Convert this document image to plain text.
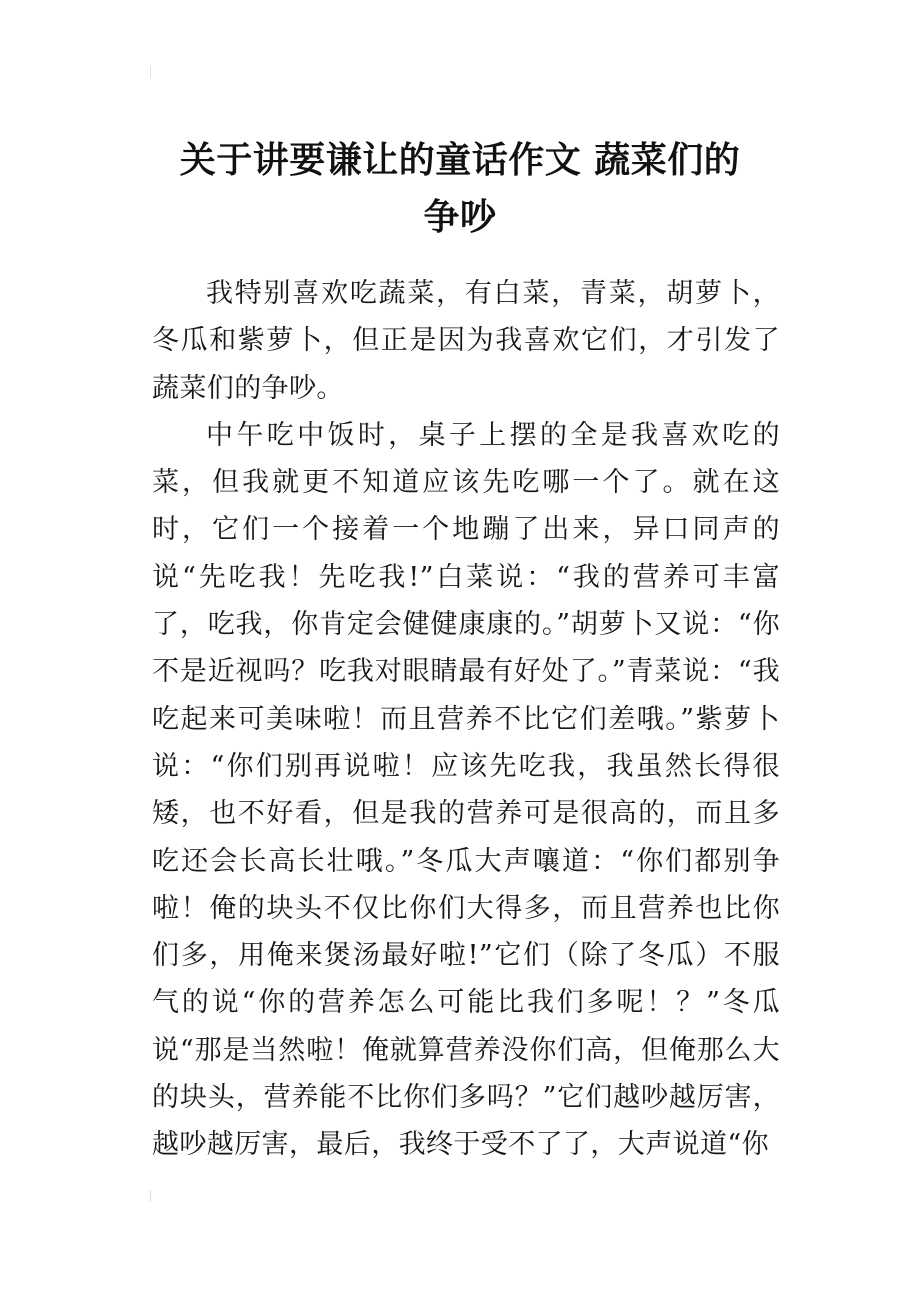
关于讲要谦让的童话作文 蔬菜们的
争吵

我特别喜欢吃蔬菜，有白菜，青菜，胡萝卜，冬瓜和紫萝卜，但正是因为我喜欢它们，才引发了蔬菜们的争吵。

中午吃中饭时，桌子上摆的全是我喜欢吃的菜，但我就更不知道应该先吃哪一个了。就在这时，它们一个接着一个地蹦了出来，异口同声的说“先吃我！先吃我!”白菜说：“我的营养可丰富了，吃我，你肯定会健健康康的。”胡萝卜又说：“你不是近视吗？吃我对眼睛最有好处了。”青菜说：“我吃起来可美味啦！而且营养不比它们差哦。”紫萝卜说：“你们别再说啦！应该先吃我，我虽然长得很矮，也不好看，但是我的营养可是很高的，而且多吃还会长高长壮哦。”冬瓜大声嚷道：“你们都别争啦！俺的块头不仅比你们大得多，而且营养也比你们多，用俺来煲汤最好啦!”它们（除了冬瓜）不服气的说“你的营养怎么可能比我们多呢！？”冬瓜说“那是当然啦！俺就算营养没你们高，但俺那么大的块头，营养能不比你们多吗？”它们越吵越厉害，越吵越厉害，最后，我终于受不了了，大声说道“你
